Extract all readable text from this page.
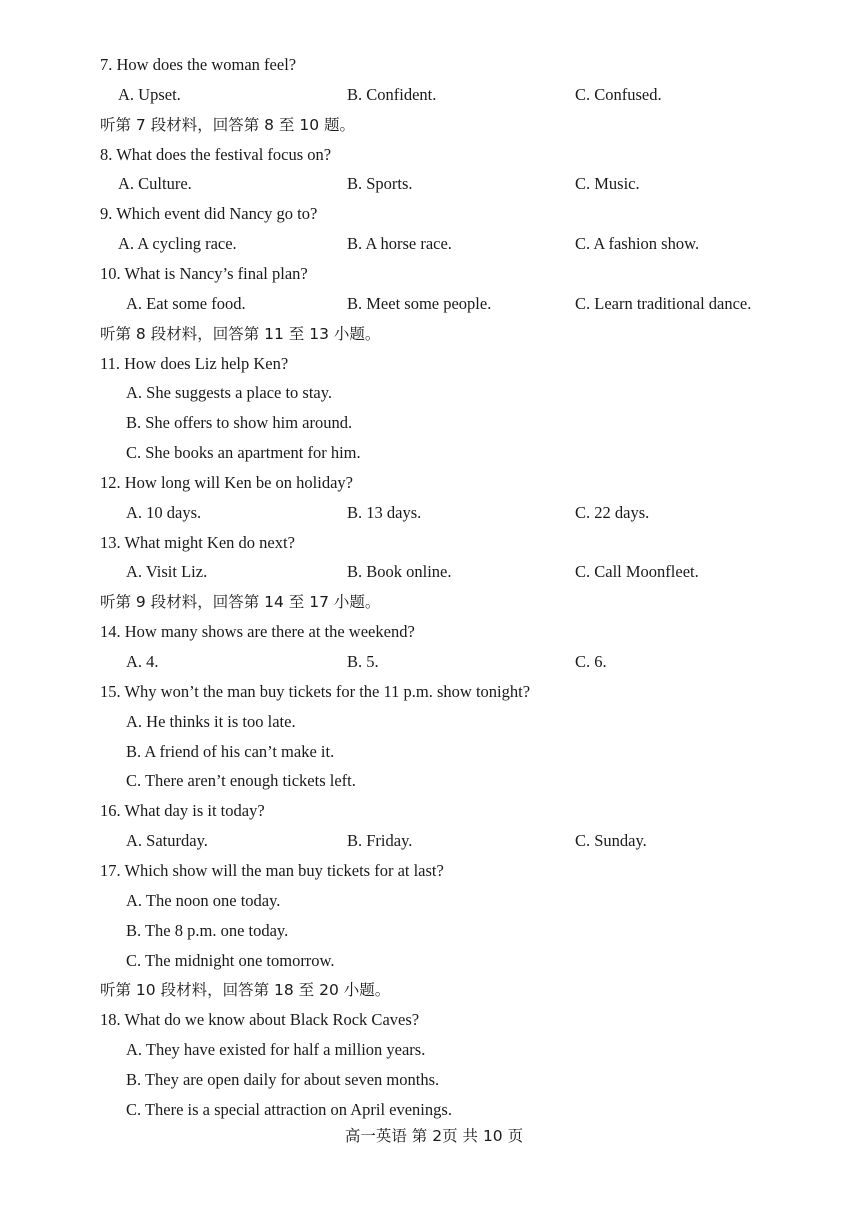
7. How does the woman feel?
A. Upset.	B. Confident.	C. Confused.
听第 7 段材料，回答第 8 至 10 题。
8. What does the festival focus on?
A. Culture.	B. Sports.	C. Music.
9. Which event did Nancy go to?
A. A cycling race.	B. A horse race.	C. A fashion show.
10. What is Nancy’s final plan?
A. Eat some food.	B. Meet some people.	C. Learn traditional dance.
听第 8 段材料，回答第 11 至 13 小题。
11. How does Liz help Ken?
A. She suggests a place to stay.
B. She offers to show him around.
C. She books an apartment for him.
12. How long will Ken be on holiday?
A. 10 days.	B. 13 days.	C. 22 days.
13. What might Ken do next?
A. Visit Liz.	B. Book online.	C. Call Moonfleet.
听第 9 段材料，回答第 14 至 17 小题。
14. How many shows are there at the weekend?
A. 4.	B. 5.	C. 6.
15. Why won’t the man buy tickets for the 11 p.m. show tonight?
A. He thinks it is too late.
B. A friend of his can’t make it.
C. There aren’t enough tickets left.
16. What day is it today?
A. Saturday.	B. Friday.	C. Sunday.
17. Which show will the man buy tickets for at last?
A. The noon one today.
B. The 8 p.m. one today.
C. The midnight one tomorrow.
听第 10 段材料，回答第 18 至 20 小题。
18. What do we know about Black Rock Caves?
A. They have existed for half a million years.
B. They are open daily for about seven months.
C. There is a special attraction on April evenings.
高一英语 第 2页 共 10 页
